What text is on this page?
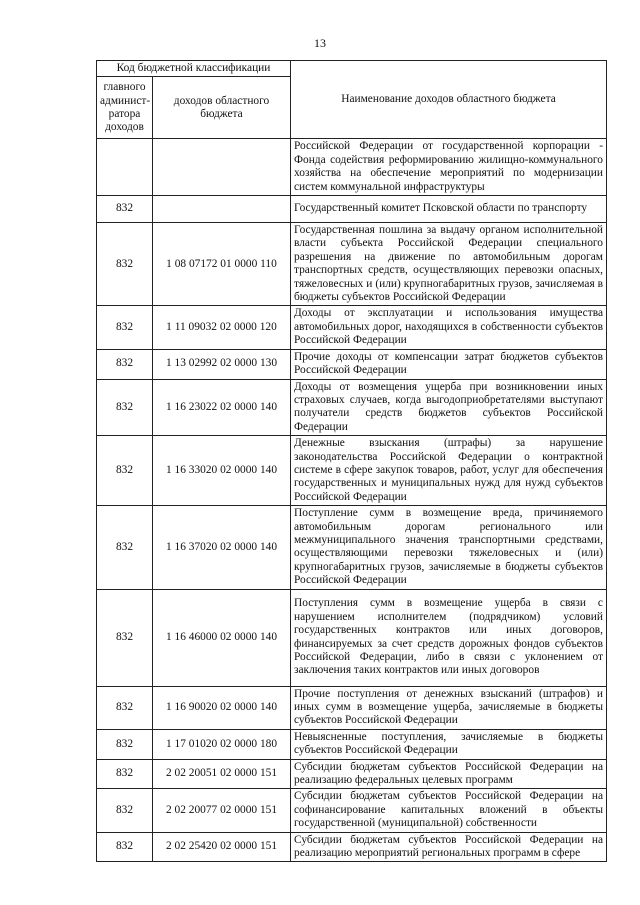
13
Код бюджетной классификации		Наименование доходов областного бюджета
главного админист-ратора доходов	доходов областного бюджета	
		Российской Федерации от государственной корпорации - Фонда содействия реформированию жилищно-коммунального хозяйства на обеспечение мероприятий по модернизации систем коммунальной инфраструктуры
832		Государственный комитет Псковской области по транспорту
832	1 08 07172 01 0000 110	Государственная пошлина за выдачу органом исполнительной власти субъекта Российской Федерации специального разрешения на движение по автомобильным дорогам транспортных средств, осуществляющих перевозки опасных, тяжеловесных и (или) крупногабаритных грузов, зачисляемая в бюджеты субъектов Российской Федерации
832	1 11 09032 02 0000 120	Доходы от эксплуатации и использования имущества автомобильных дорог, находящихся в собственности субъектов Российской Федерации
832	1 13 02992 02 0000 130	Прочие доходы от компенсации затрат бюджетов субъектов Российской Федерации
832	1 16 23022 02 0000 140	Доходы от возмещения ущерба при возникновении иных страховых случаев, когда выгодоприобретателями выступают получатели средств бюджетов субъектов Российской Федерации
832	1 16 33020 02 0000 140	Денежные взыскания (штрафы) за нарушение законодательства Российской Федерации о контрактной системе в сфере закупок товаров, работ, услуг для обеспечения государственных и муниципальных нужд для нужд субъектов Российской Федерации
832	1 16 37020 02 0000 140	Поступление сумм в возмещение вреда, причиняемого автомобильным дорогам регионального или межмуниципального значения транспортными средствами, осуществляющими перевозки тяжеловесных и (или) крупногабаритных грузов, зачисляемые в бюджеты субъектов Российской Федерации
832	1 16 46000 02 0000 140	Поступления сумм в возмещение ущерба в связи с нарушением исполнителем (подрядчиком) условий государственных контрактов или иных договоров, финансируемых за счет средств дорожных фондов субъектов Российской Федерации, либо в связи с уклонением от заключения таких контрактов или иных договоров
832	1 16 90020 02 0000 140	Прочие поступления от денежных взысканий (штрафов) и иных сумм в возмещение ущерба, зачисляемые в бюджеты субъектов Российской Федерации
832	1 17 01020 02 0000 180	Невыясненные поступления, зачисляемые в бюджеты субъектов Российской Федерации
832	2 02 20051 02 0000 151	Субсидии бюджетам субъектов Российской Федерации на реализацию федеральных целевых программ
832	2 02 20077 02 0000 151	Субсидии бюджетам субъектов Российской Федерации на софинансирование капитальных вложений в объекты государственной (муниципальной) собственности
832	2 02 25420 02 0000 151	Субсидии бюджетам субъектов Российской Федерации на реализацию мероприятий региональных программ в сфере
